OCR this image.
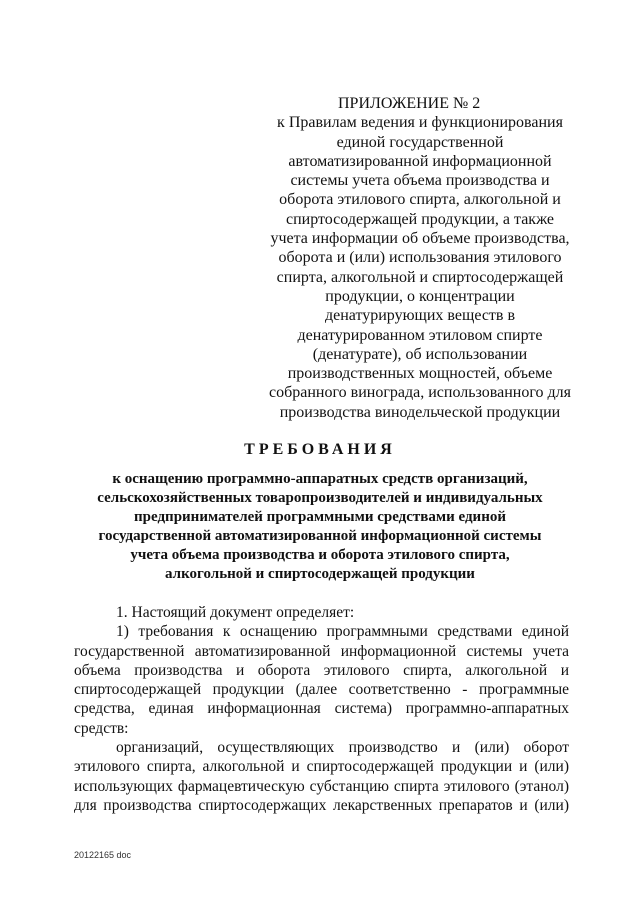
ПРИЛОЖЕНИЕ № 2
к Правилам ведения и функционирования
единой государственной
автоматизированной информационной
системы учета объема производства и
оборота этилового спирта, алкогольной и
спиртосодержащей продукции, а также
учета информации об объеме производства,
оборота и (или) использования этилового
спирта, алкогольной и спиртосодержащей
продукции, о концентрации
денатурирующих веществ в
денатурированном этиловом спирте
(денатурате), об использовании
производственных мощностей, объеме
собранного винограда, использованного для
производства винодельческой продукции
ТРЕБОВАНИЯ
к оснащению программно-аппаратных средств организаций,
сельскохозяйственных товаропроизводителей и индивидуальных
предпринимателей программными средствами единой
государственной автоматизированной информационной системы
учета объема производства и оборота этилового спирта,
алкогольной и спиртосодержащей продукции
1. Настоящий документ определяет:
1) требования к оснащению программными средствами единой
государственной автоматизированной информационной системы учета
объема производства и оборота этилового спирта, алкогольной и
спиртосодержащей продукции (далее соответственно - программные
средства, единая информационная система) программно-аппаратных
средств:
организаций, осуществляющих производство и (или) оборот
этилового спирта, алкогольной и спиртосодержащей продукции и (или)
использующих фармацевтическую субстанцию спирта этилового (этанол)
для производства спиртосодержащих лекарственных препаратов и (или)
20122165 doc
